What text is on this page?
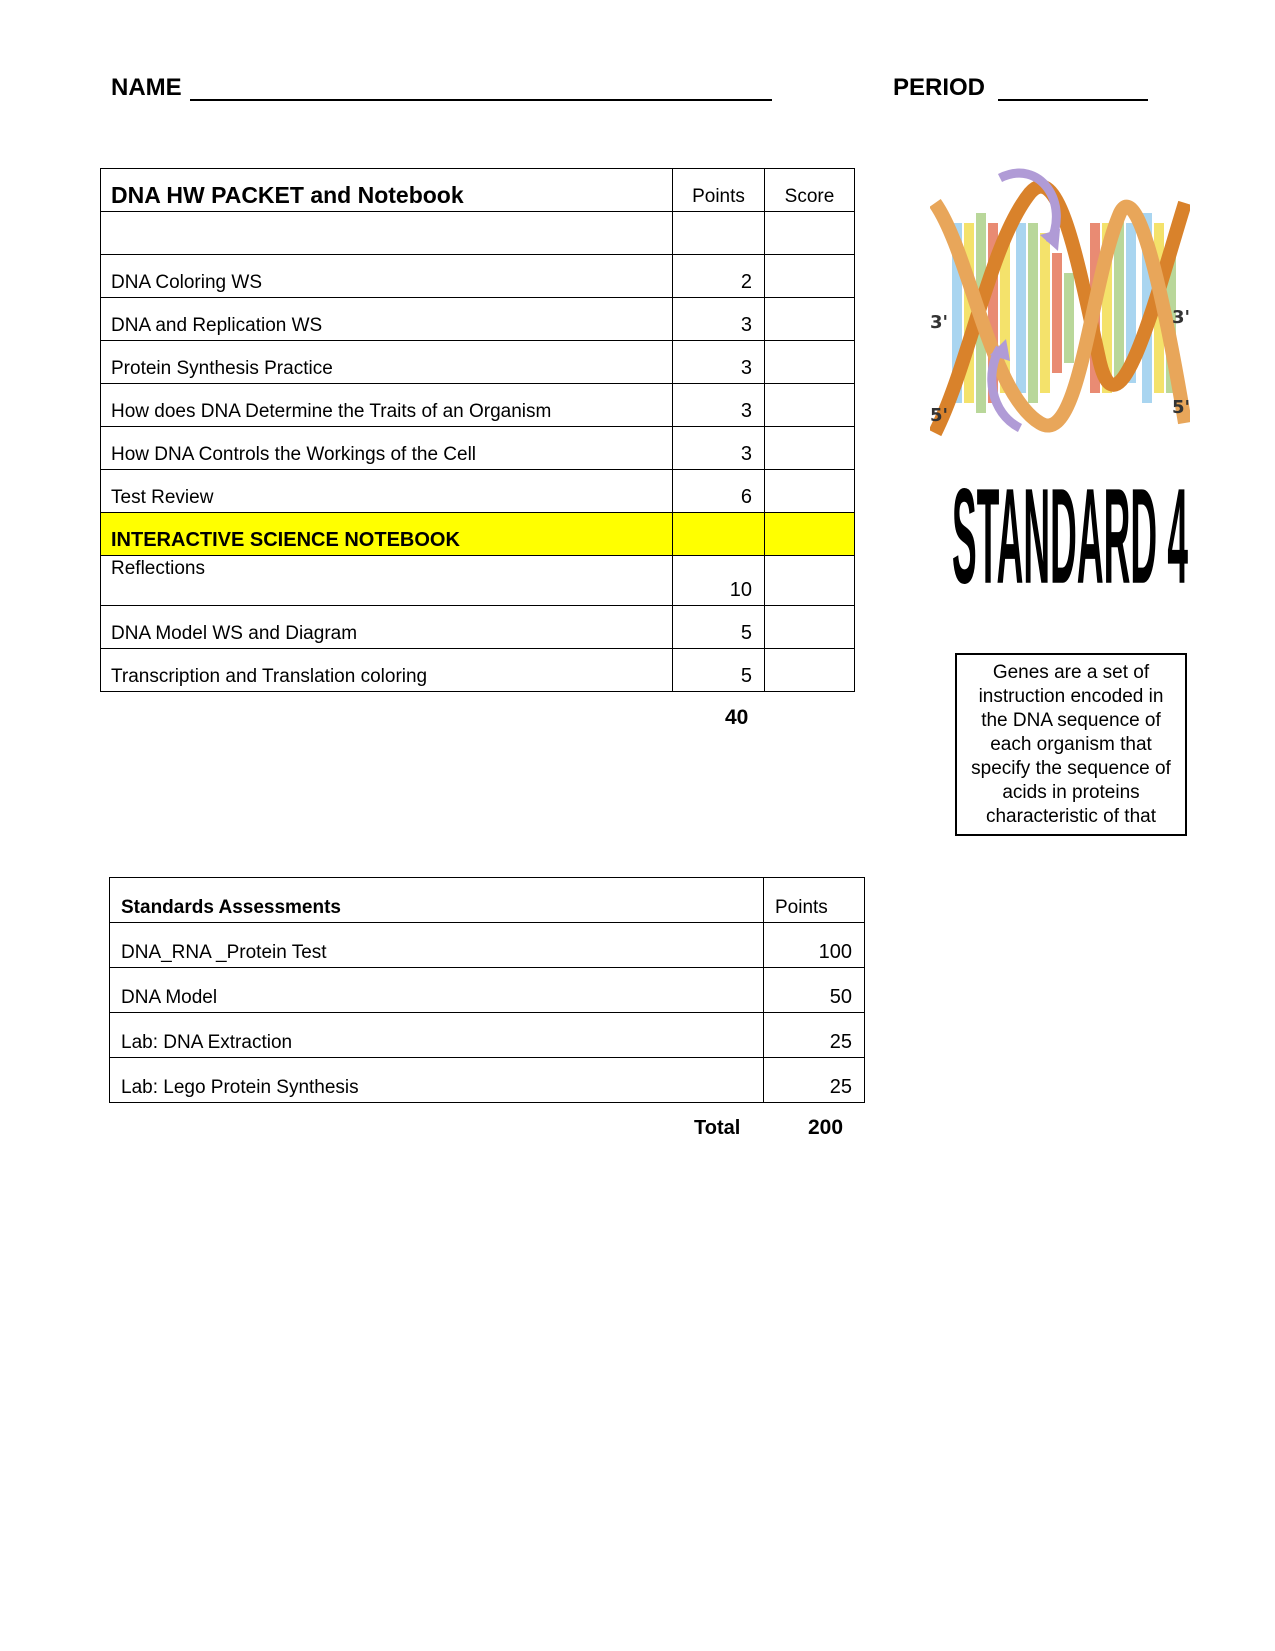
NAME	PERIOD
DNA HW PACKET and Notebook	Points	Score

DNA Coloring WS	2	
DNA and Replication WS	3	
Protein Synthesis Practice	3	
How does DNA Determine the Traits of an Organism	3	
How DNA Controls the Workings of the Cell	3	
Test Review	6	
INTERACTIVE SCIENCE NOTEBOOK		
Reflections	10	
DNA Model WS and Diagram	5	
Transcription and Translation coloring	5	
40
Standards Assessments	Points
DNA_RNA _Protein Test	100
DNA Model	50
Lab: DNA Extraction	25
Lab: Lego Protein Synthesis	25
Total	200
3'
5'
3'
5'
STANDARD 4
Genes are a set of instruction encoded in the DNA sequence of each organism that specify the sequence of acids in proteins characteristic of that
